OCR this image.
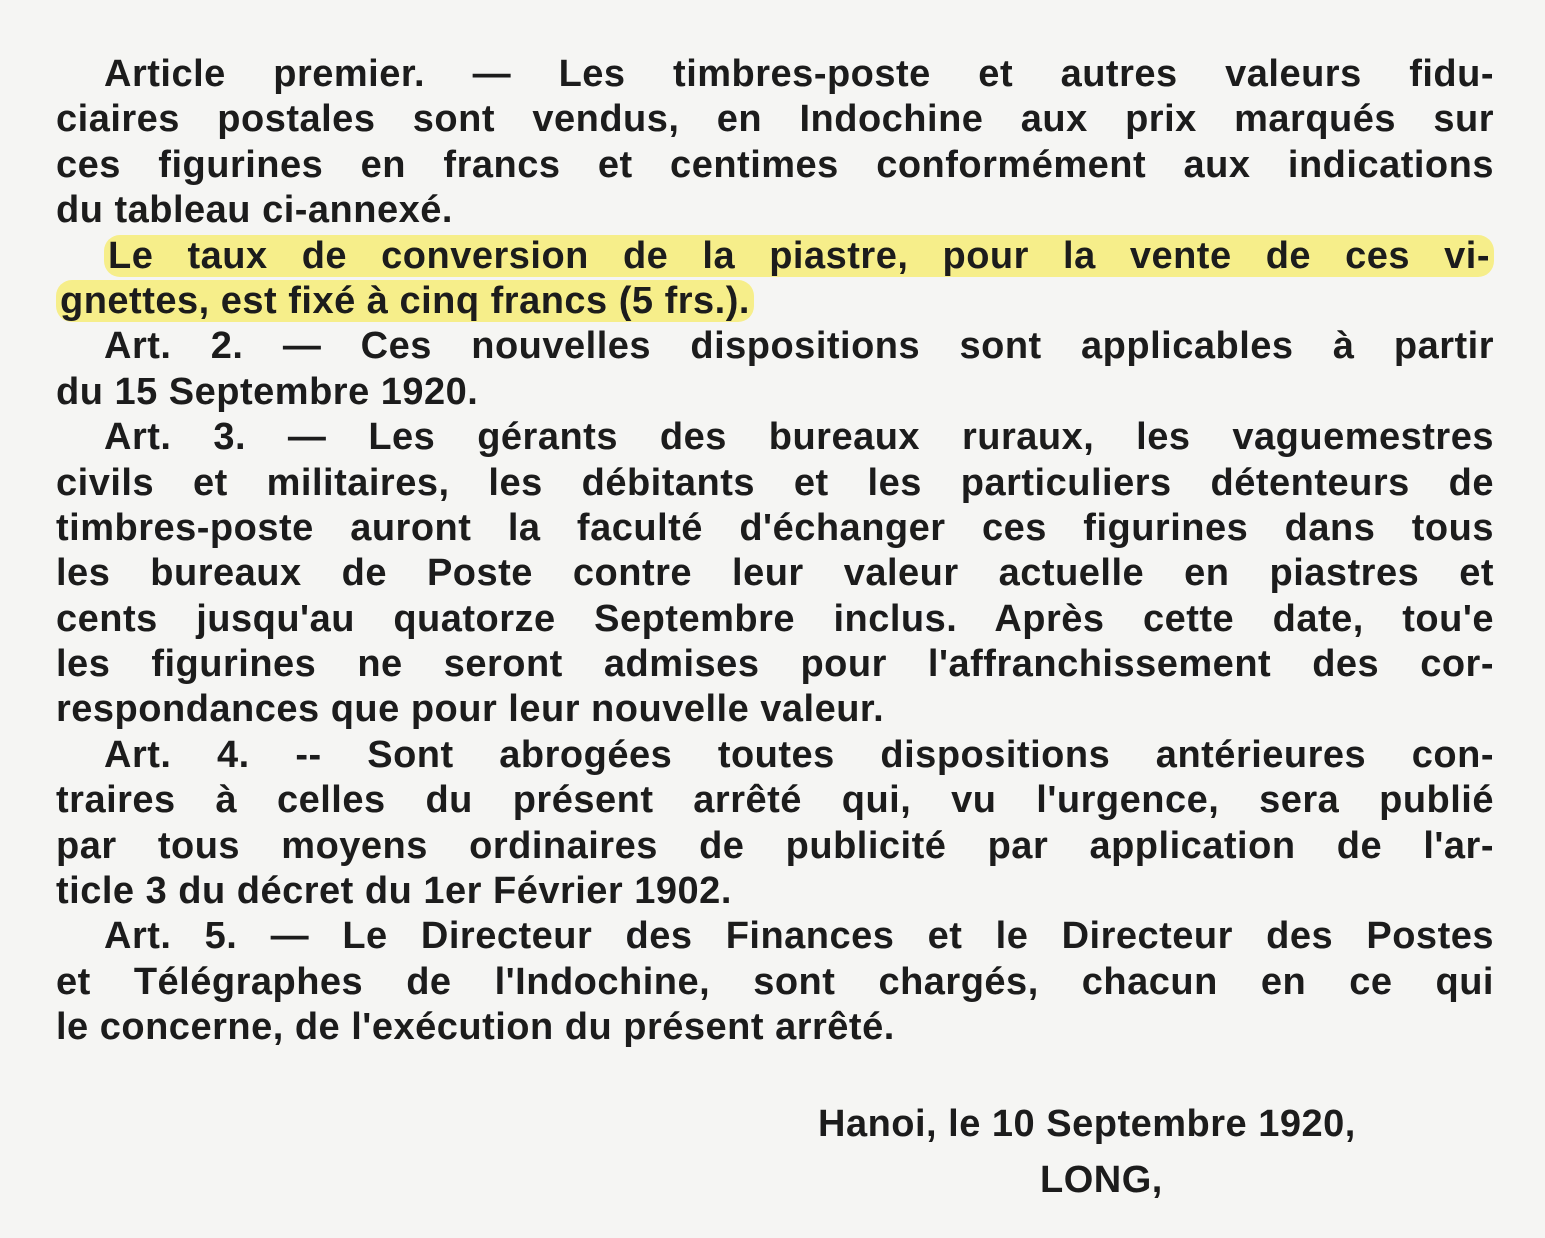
Article premier. — Les timbres-poste et autres valeurs fidu-
ciaires postales sont vendus, en Indochine aux prix marqués sur
ces figurines en francs et centimes conformément aux indications
du tableau ci-annexé.
Le taux de conversion de la piastre, pour la vente de ces vi-
gnettes, est fixé à cinq francs (5 frs.).
Art. 2. — Ces nouvelles dispositions sont applicables à partir
du 15 Septembre 1920.
Art. 3. — Les gérants des bureaux ruraux, les vaguemestres
civils et militaires, les débitants et les particuliers détenteurs de
timbres-poste auront la faculté d'échanger ces figurines dans tous
les bureaux de Poste contre leur valeur actuelle en piastres et
cents jusqu'au quatorze Septembre inclus. Après cette date, tou'e
les figurines ne seront admises pour l'affranchissement des cor-
respondances que pour leur nouvelle valeur.
Art. 4. -- Sont abrogées toutes dispositions antérieures con-
traires à celles du présent arrêté qui, vu l'urgence, sera publié
par tous moyens ordinaires de publicité par application de l'ar-
ticle 3 du décret du 1er Février 1902.
Art. 5. — Le Directeur des Finances et le Directeur des Postes
et Télégraphes de l'Indochine, sont chargés, chacun en ce qui
le concerne, de l'exécution du présent arrêté.
Hanoi, le 10 Septembre 1920,
LONG,
